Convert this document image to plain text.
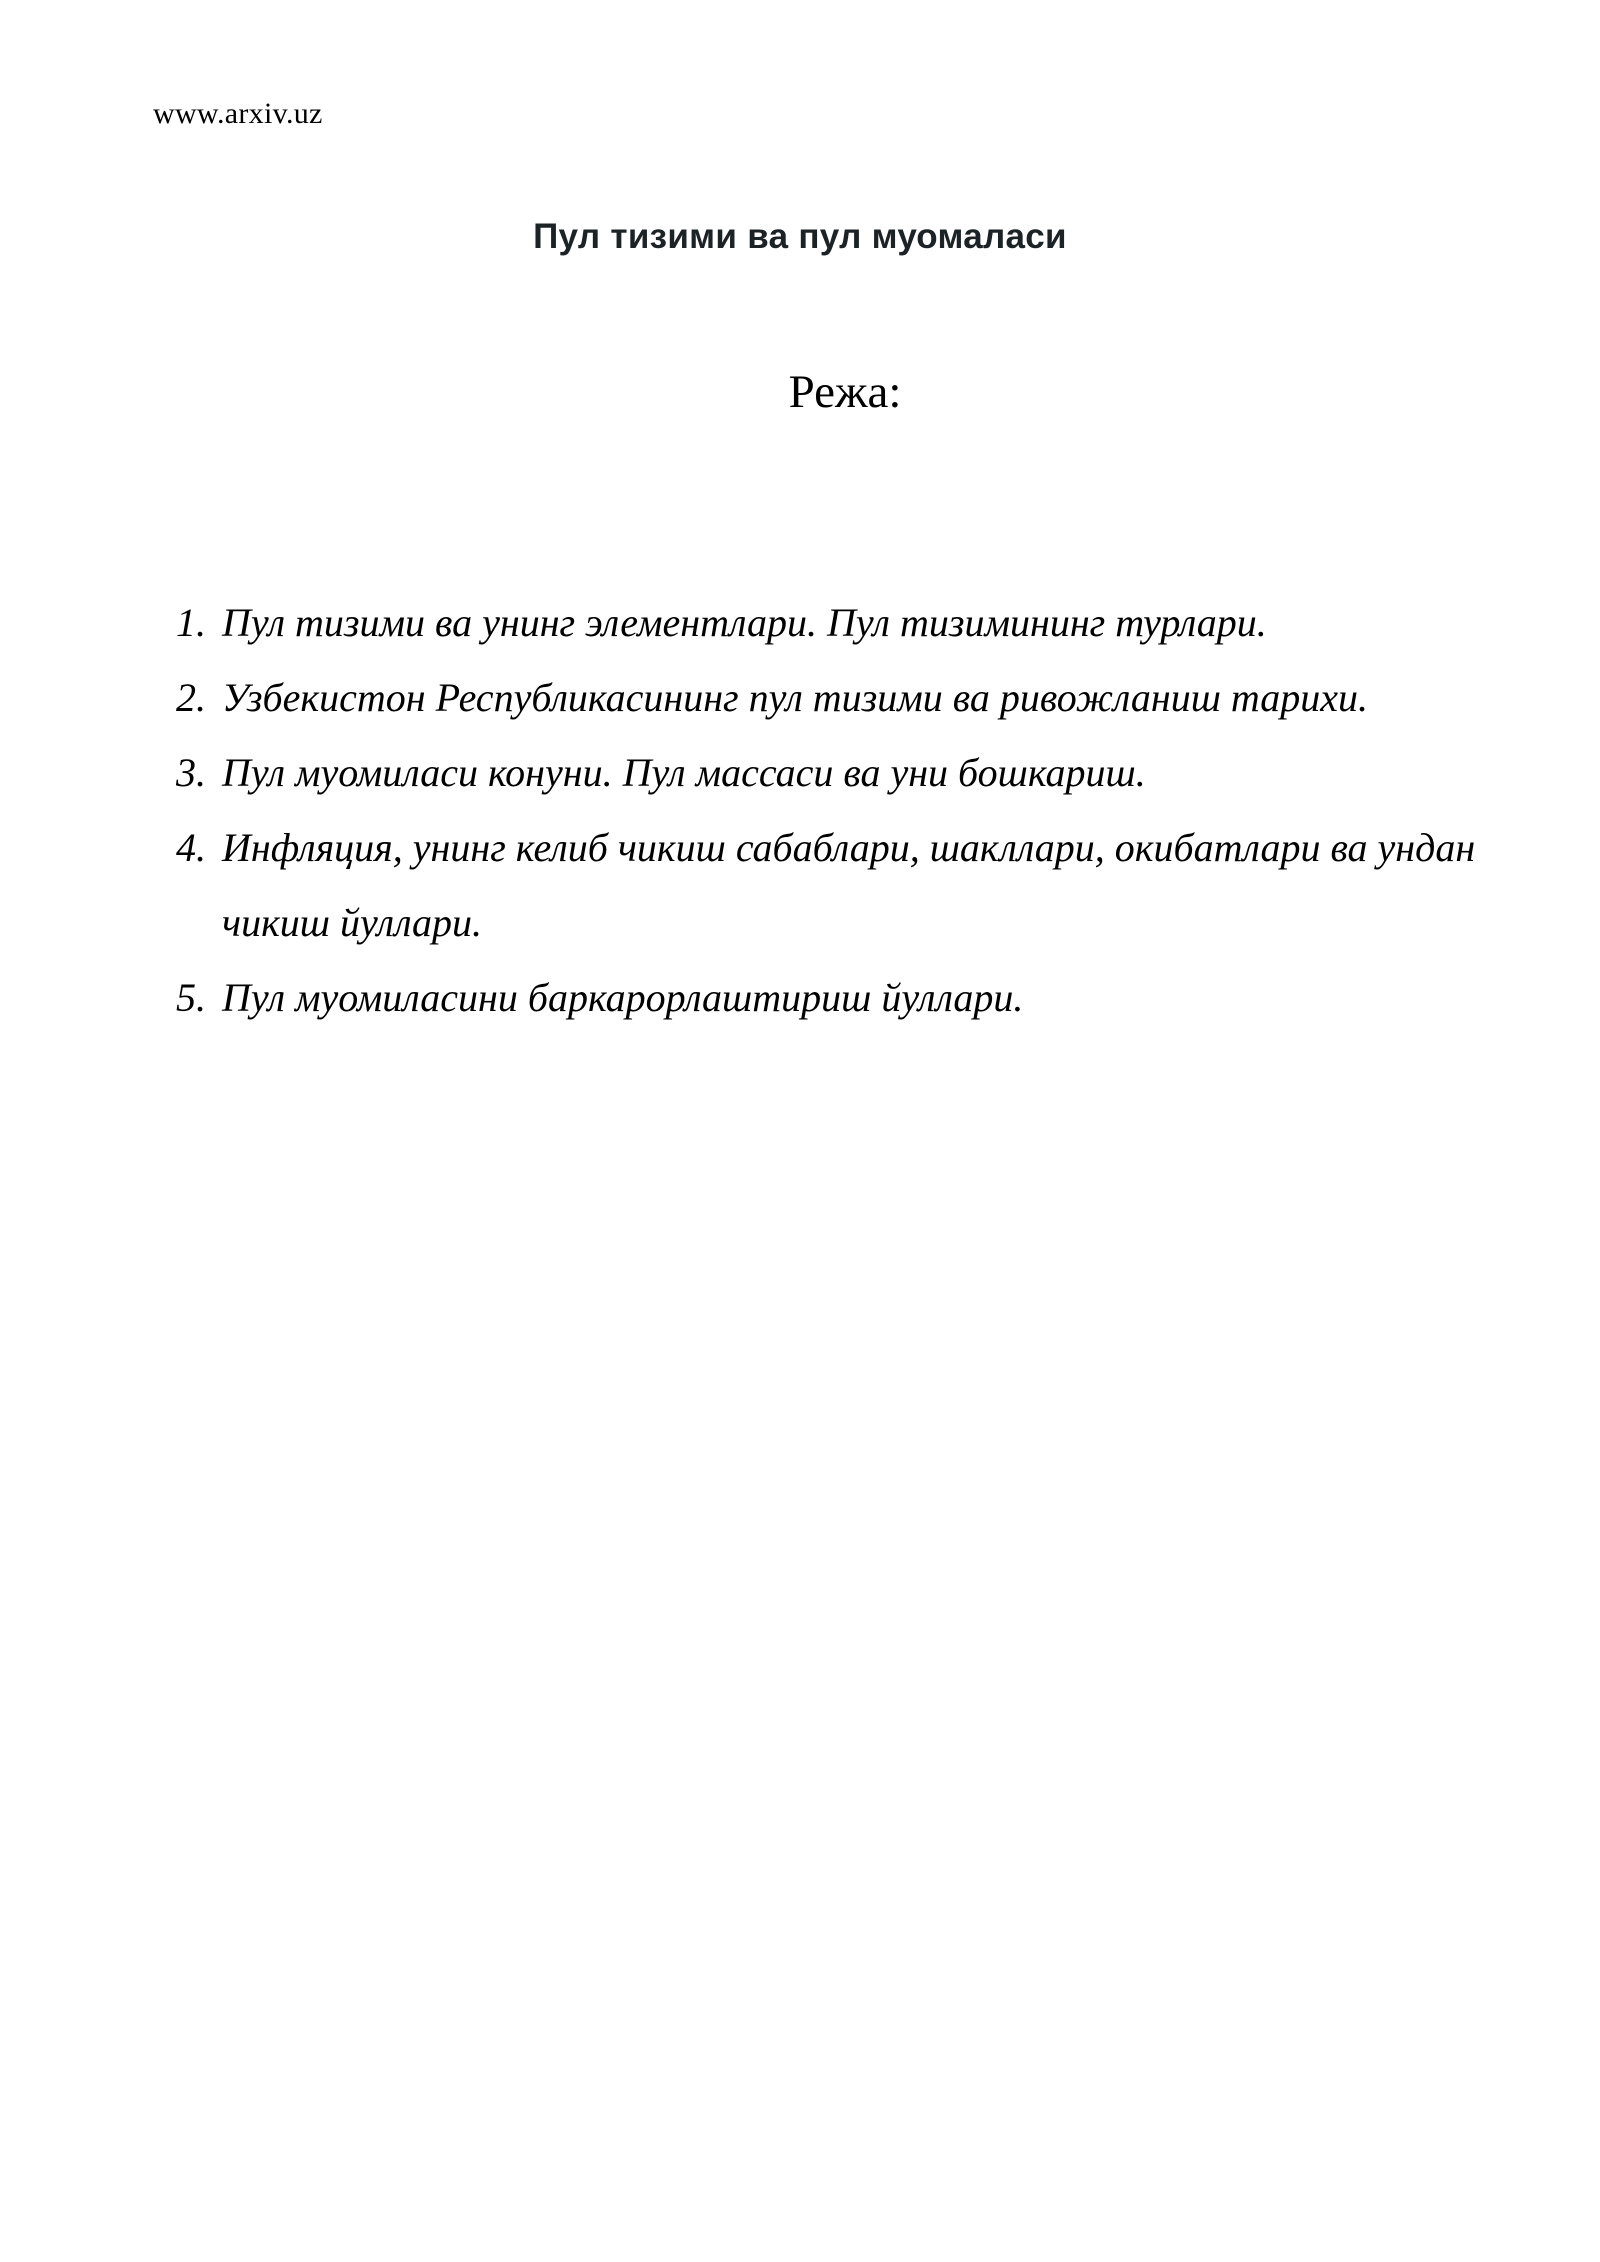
www.arxiv.uz
Пул тизими ва пул муомаласи
Режа:
1. Пул тизими ва унинг элементлари. Пул тизимининг турлари.
2. Узбекистон Республикасининг пул тизими ва ривожланиш тарихи.
3. Пул муомиласи конуни. Пул массаси ва уни бошкариш.
4. Инфляция, унинг келиб чикиш сабаблари, шакллари, окибатлари ва ундан чикиш йуллари.
5. Пул муомиласини баркарорлаштириш йуллари.
